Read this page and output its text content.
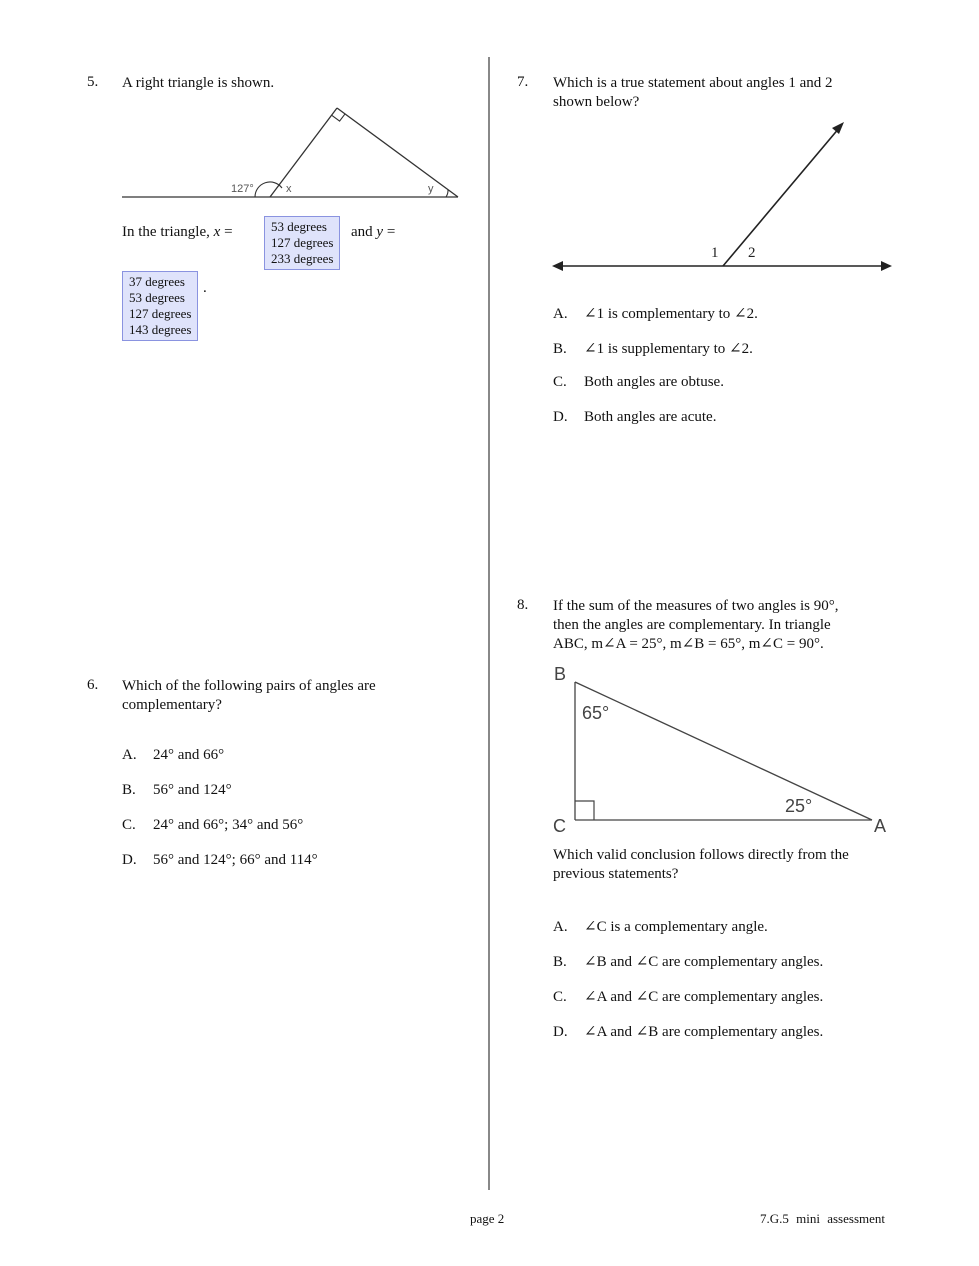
5. A right triangle is shown.
127°	x	y
In the triangle, x =	53 degrees
127 degrees
233 degrees
and y =
37 degrees
53 degrees
127 degrees
143 degrees
.
6. Which of the following pairs of angles are
complementary?
A. 24° and 66°
B. 56° and 124°
C. 24° and 66°; 34° and 56°
D. 56° and 124°; 66° and 114°
7. Which is a true statement about angles 1 and 2
shown below?
1 2
A. ∠1 is complementary to ∠2.
B. ∠1 is supplementary to ∠2.
C. Both angles are obtuse.
D. Both angles are acute.
8. If the sum of the measures of two angles is 90°,
then the angles are complementary. In triangle
ABC, m∠A = 25°, m∠B = 65°, m∠C = 90°.
B
C	A
65°
25°
Which valid conclusion follows directly from the
previous statements?
A. ∠C is a complementary angle.
B. ∠B and ∠C are complementary angles.
C. ∠A and ∠C are complementary angles.
D. ∠A and ∠B are complementary angles.
page 2	7.G.5 mini assessment
